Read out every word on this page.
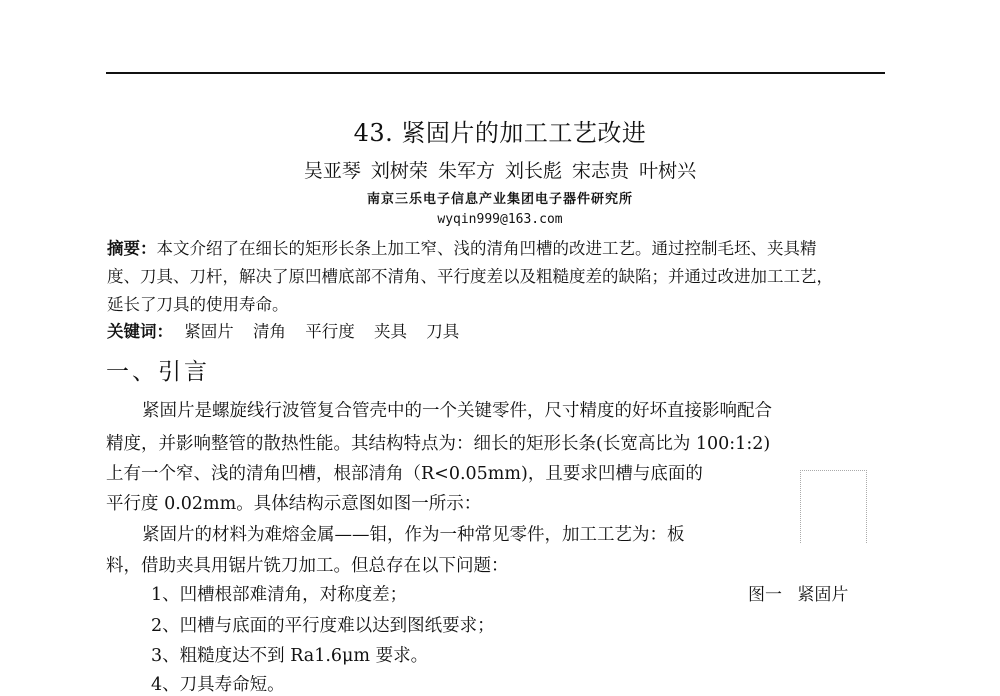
43. 紧固片的加工工艺改进
吴亚琴 刘树荣 朱军方 刘长彪 宋志贵 叶树兴
南京三乐电子信息产业集团电子器件研究所
wyqin999@163.com
摘要：本文介绍了在细长的矩形长条上加工窄、浅的清角凹槽的改进工艺。通过控制毛坯、夹具精
度、刀具、刀杆，解决了原凹槽底部不清角、平行度差以及粗糙度差的缺陷；并通过改进加工工艺，
延长了刀具的使用寿命。
关键词： 紧固片 清角 平行度 夹具 刀具
一、引言
紧固片是螺旋线行波管复合管壳中的一个关键零件，尺寸精度的好坏直接影响配合
精度，并影响整管的散热性能。其结构特点为：细长的矩形长条(长宽高比为 100:1:2)
上有一个窄、浅的清角凹槽，根部清角（R<0.05mm)，且要求凹槽与底面的
平行度 0.02mm。具体结构示意图如图一所示：
紧固片的材料为难熔金属——钼，作为一种常见零件，加工工艺为：板
料，借助夹具用锯片铣刀加工。但总存在以下问题：
1、凹槽根部难清角，对称度差；
2、凹槽与底面的平行度难以达到图纸要求；
3、粗糙度达不到 Ra1.6μm 要求。
4、刀具寿命短。
图一 紧固片
